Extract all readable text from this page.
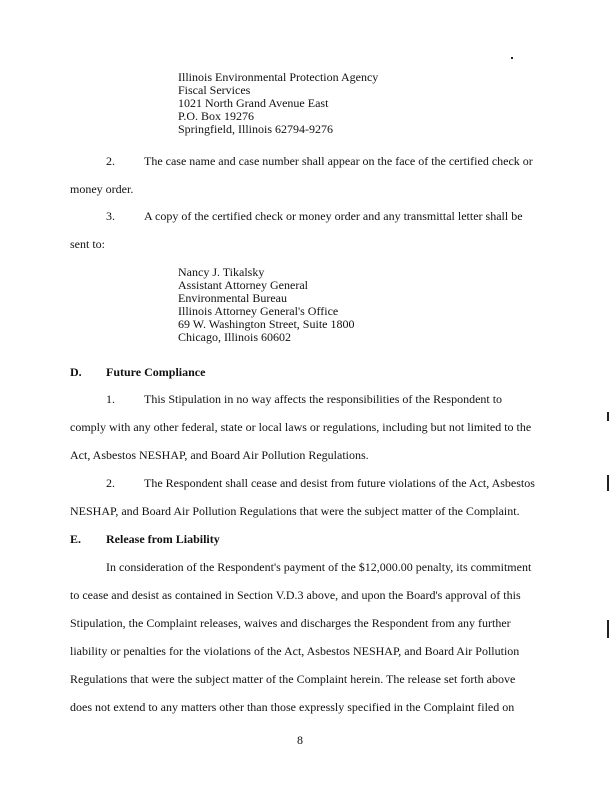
Illinois Environmental Protection Agency
Fiscal Services
1021 North Grand Avenue East
P.O. Box 19276
Springfield, Illinois 62794-9276
2. The case name and case number shall appear on the face of the certified check or
money order.
3. A copy of the certified check or money order and any transmittal letter shall be
sent to:
Nancy J. Tikalsky
Assistant Attorney General
Environmental Bureau
Illinois Attorney General's Office
69 W. Washington Street, Suite 1800
Chicago, Illinois 60602
D. Future Compliance
1. This Stipulation in no way affects the responsibilities of the Respondent to
comply with any other federal, state or local laws or regulations, including but not limited to the
Act, Asbestos NESHAP, and Board Air Pollution Regulations.
2. The Respondent shall cease and desist from future violations of the Act, Asbestos
NESHAP, and Board Air Pollution Regulations that were the subject matter of the Complaint.
E. Release from Liability
In consideration of the Respondent's payment of the $12,000.00 penalty, its commitment
to cease and desist as contained in Section V.D.3 above, and upon the Board's approval of this
Stipulation, the Complaint releases, waives and discharges the Respondent from any further
liability or penalties for the violations of the Act, Asbestos NESHAP, and Board Air Pollution
Regulations that were the subject matter of the Complaint herein. The release set forth above
does not extend to any matters other than those expressly specified in the Complaint filed on
8
